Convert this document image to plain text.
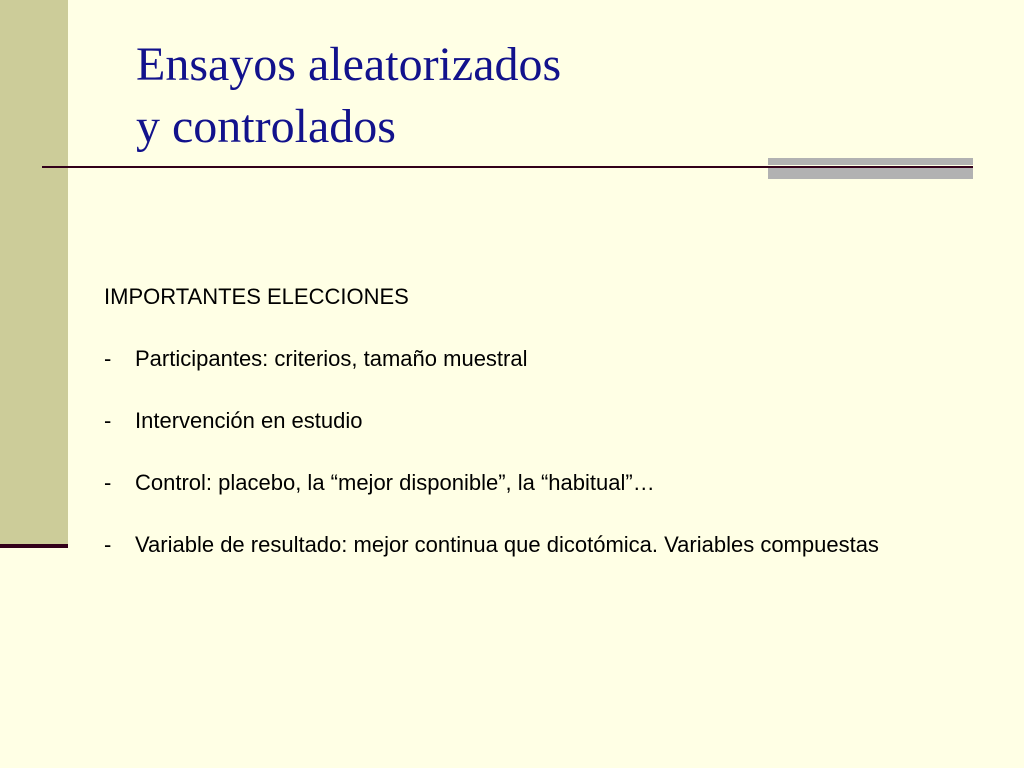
Ensayos aleatorizados
y controlados

IMPORTANTES ELECCIONES

- Participantes: criterios, tamaño muestral
- Intervención en estudio
- Control: placebo, la “mejor disponible”, la “habitual”…
- Variable de resultado: mejor continua que dicotómica. Variables compuestas
